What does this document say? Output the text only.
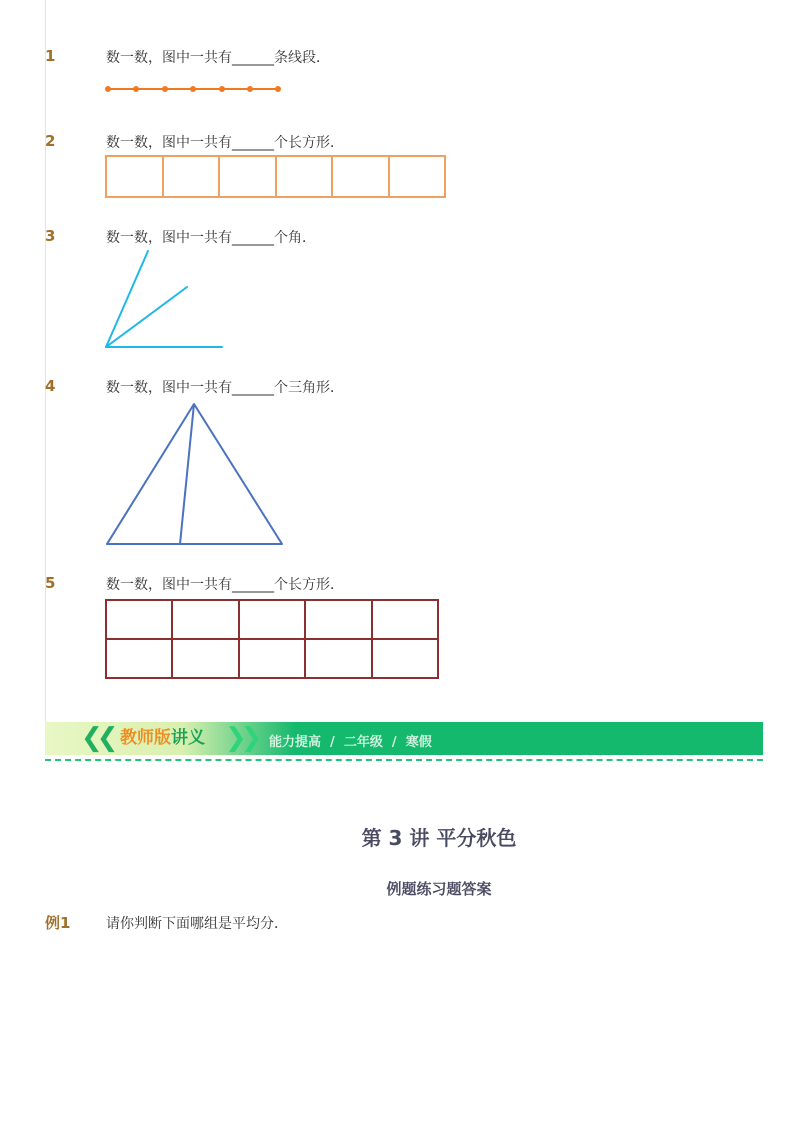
1	数一数，图中一共有______条线段．
2	数一数，图中一共有______个长方形．
3	数一数，图中一共有______个角．
4	数一数，图中一共有______个三角形．
5	数一数，图中一共有______个长方形．
❮❮ 教师版讲义 ❯❯ 能力提高  /  二年级  /  寒假
第 3 讲 平分秋色
例题练习题答案
例1	请你判断下面哪组是平均分．
